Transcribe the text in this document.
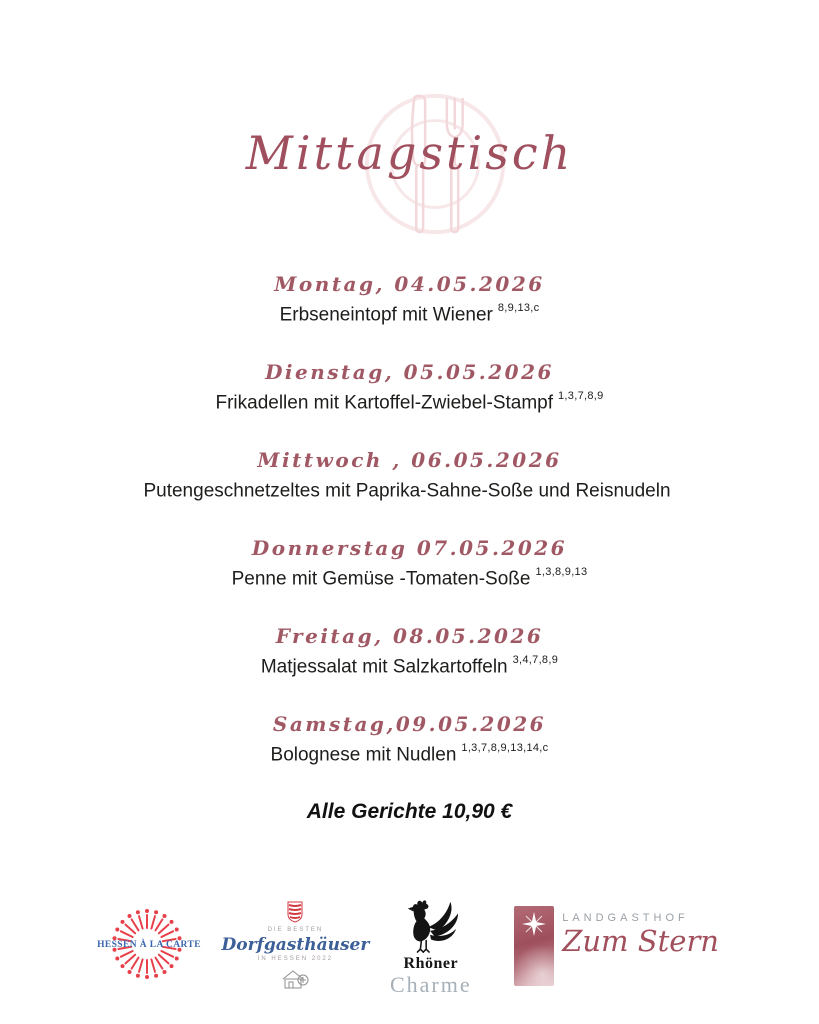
Mittagstisch
Montag, 04.05.2026
Erbseneintopf mit Wiener $^{8,9,13,c}$
Dienstag, 05.05.2026
Frikadellen mit Kartoffel-Zwiebel-Stampf $^{1,3,7,8,9}$
Mittwoch , 06.05.2026
Putengeschnetzeltes mit Paprika-Sahne-Soße und Reisnudeln
Donnerstag 07.05.2026
Penne mit Gemüse -Tomaten-Soße $^{1,3,8,9,13}$
Freitag, 08.05.2026
Matjessalat mit Salzkartoffeln $^{3,4,7,8,9}$
Samstag,09.05.2026
Bolognese mit Nudlen $^{1,3,7,8,9,13,14,c}$
Alle Gerichte 10,90 €
HESSEN À LA CARTE
DIE BESTEN
Dorfgasthäuser
IN HESSEN 2022	Rhöner
Charme
LANDGASTHOF
Zum Stern
